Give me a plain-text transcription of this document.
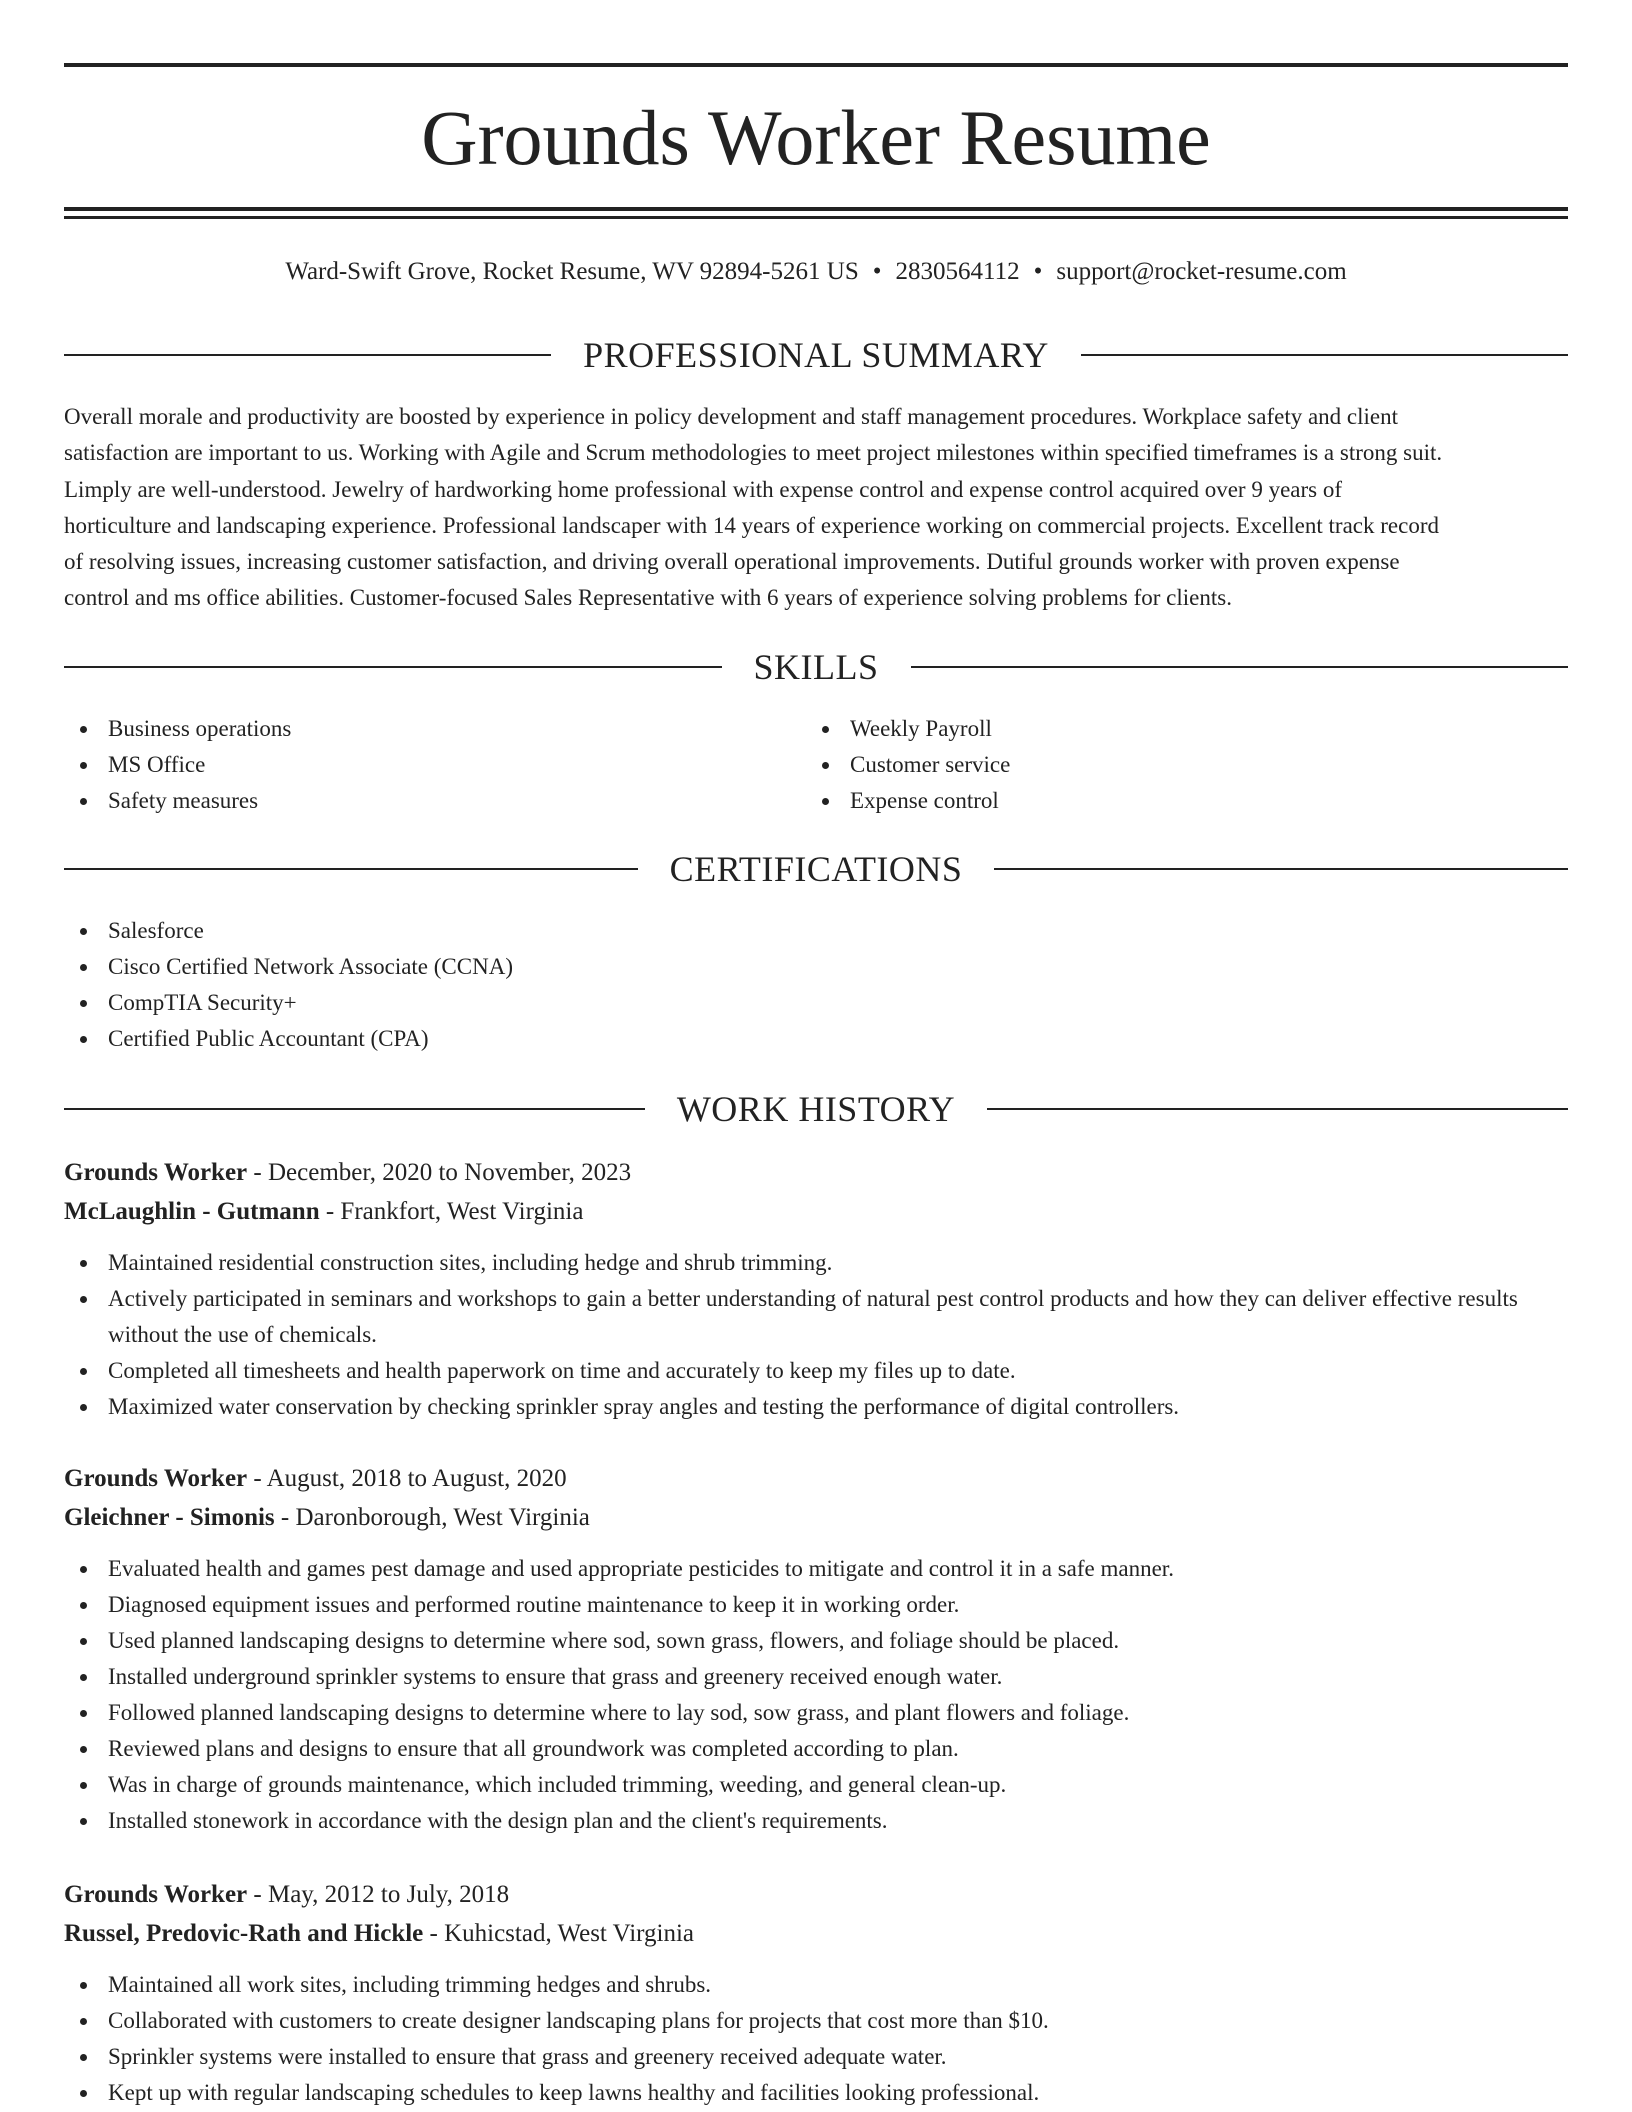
Grounds Worker Resume
Ward-Swift Grove, Rocket Resume, WV 92894-5261 US • 2830564112 • support@rocket-resume.com
PROFESSIONAL SUMMARY
Overall morale and productivity are boosted by experience in policy development and staff management procedures. Workplace safety and client
satisfaction are important to us. Working with Agile and Scrum methodologies to meet project milestones within specified timeframes is a strong suit.
Limply are well-understood. Jewelry of hardworking home professional with expense control and expense control acquired over 9 years of
horticulture and landscaping experience. Professional landscaper with 14 years of experience working on commercial projects. Excellent track record
of resolving issues, increasing customer satisfaction, and driving overall operational improvements. Dutiful grounds worker with proven expense
control and ms office abilities. Customer-focused Sales Representative with 6 years of experience solving problems for clients.
SKILLS
Business operations
MS Office
Safety measures
Weekly Payroll
Customer service
Expense control
CERTIFICATIONS
Salesforce
Cisco Certified Network Associate (CCNA)
CompTIA Security+
Certified Public Accountant (CPA)
WORK HISTORY
Grounds Worker - December, 2020 to November, 2023
McLaughlin - Gutmann - Frankfort, West Virginia
Maintained residential construction sites, including hedge and shrub trimming.
Actively participated in seminars and workshops to gain a better understanding of natural pest control products and how they can deliver effective results without the use of chemicals.
Completed all timesheets and health paperwork on time and accurately to keep my files up to date.
Maximized water conservation by checking sprinkler spray angles and testing the performance of digital controllers.
Grounds Worker - August, 2018 to August, 2020
Gleichner - Simonis - Daronborough, West Virginia
Evaluated health and games pest damage and used appropriate pesticides to mitigate and control it in a safe manner.
Diagnosed equipment issues and performed routine maintenance to keep it in working order.
Used planned landscaping designs to determine where sod, sown grass, flowers, and foliage should be placed.
Installed underground sprinkler systems to ensure that grass and greenery received enough water.
Followed planned landscaping designs to determine where to lay sod, sow grass, and plant flowers and foliage.
Reviewed plans and designs to ensure that all groundwork was completed according to plan.
Was in charge of grounds maintenance, which included trimming, weeding, and general clean-up.
Installed stonework in accordance with the design plan and the client's requirements.
Grounds Worker - May, 2012 to July, 2018
Russel, Predovic-Rath and Hickle - Kuhicstad, West Virginia
Maintained all work sites, including trimming hedges and shrubs.
Collaborated with customers to create designer landscaping plans for projects that cost more than $10.
Sprinkler systems were installed to ensure that grass and greenery received adequate water.
Kept up with regular landscaping schedules to keep lawns healthy and facilities looking professional.
